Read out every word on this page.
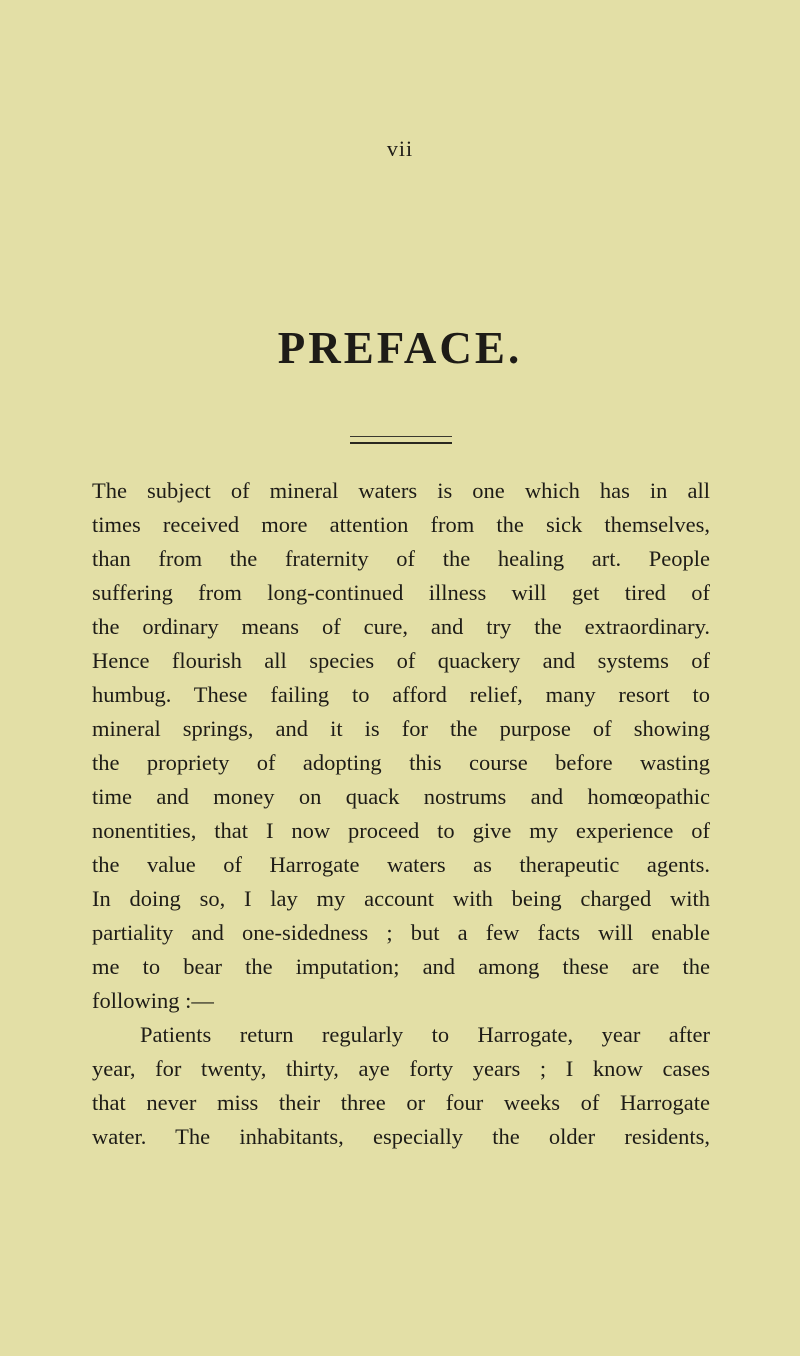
vii
PREFACE.
The subject of mineral waters is one which has in all
times received more attention from the sick themselves,
than from the fraternity of the healing art. People
suffering from long-continued illness will get tired of
the ordinary means of cure, and try the extraordinary.
Hence flourish all species of quackery and systems of
humbug. These failing to afford relief, many resort to
mineral springs, and it is for the purpose of showing
the propriety of adopting this course before wasting
time and money on quack nostrums and homœopathic
nonentities, that I now proceed to give my experience of
the value of Harrogate waters as therapeutic agents.
In doing so, I lay my account with being charged with
partiality and one-sidedness ; but a few facts will enable
me to bear the imputation; and among these are the
following :—
Patients return regularly to Harrogate, year after
year, for twenty, thirty, aye forty years ; I know cases
that never miss their three or four weeks of Harrogate
water. The inhabitants, especially the older residents,
